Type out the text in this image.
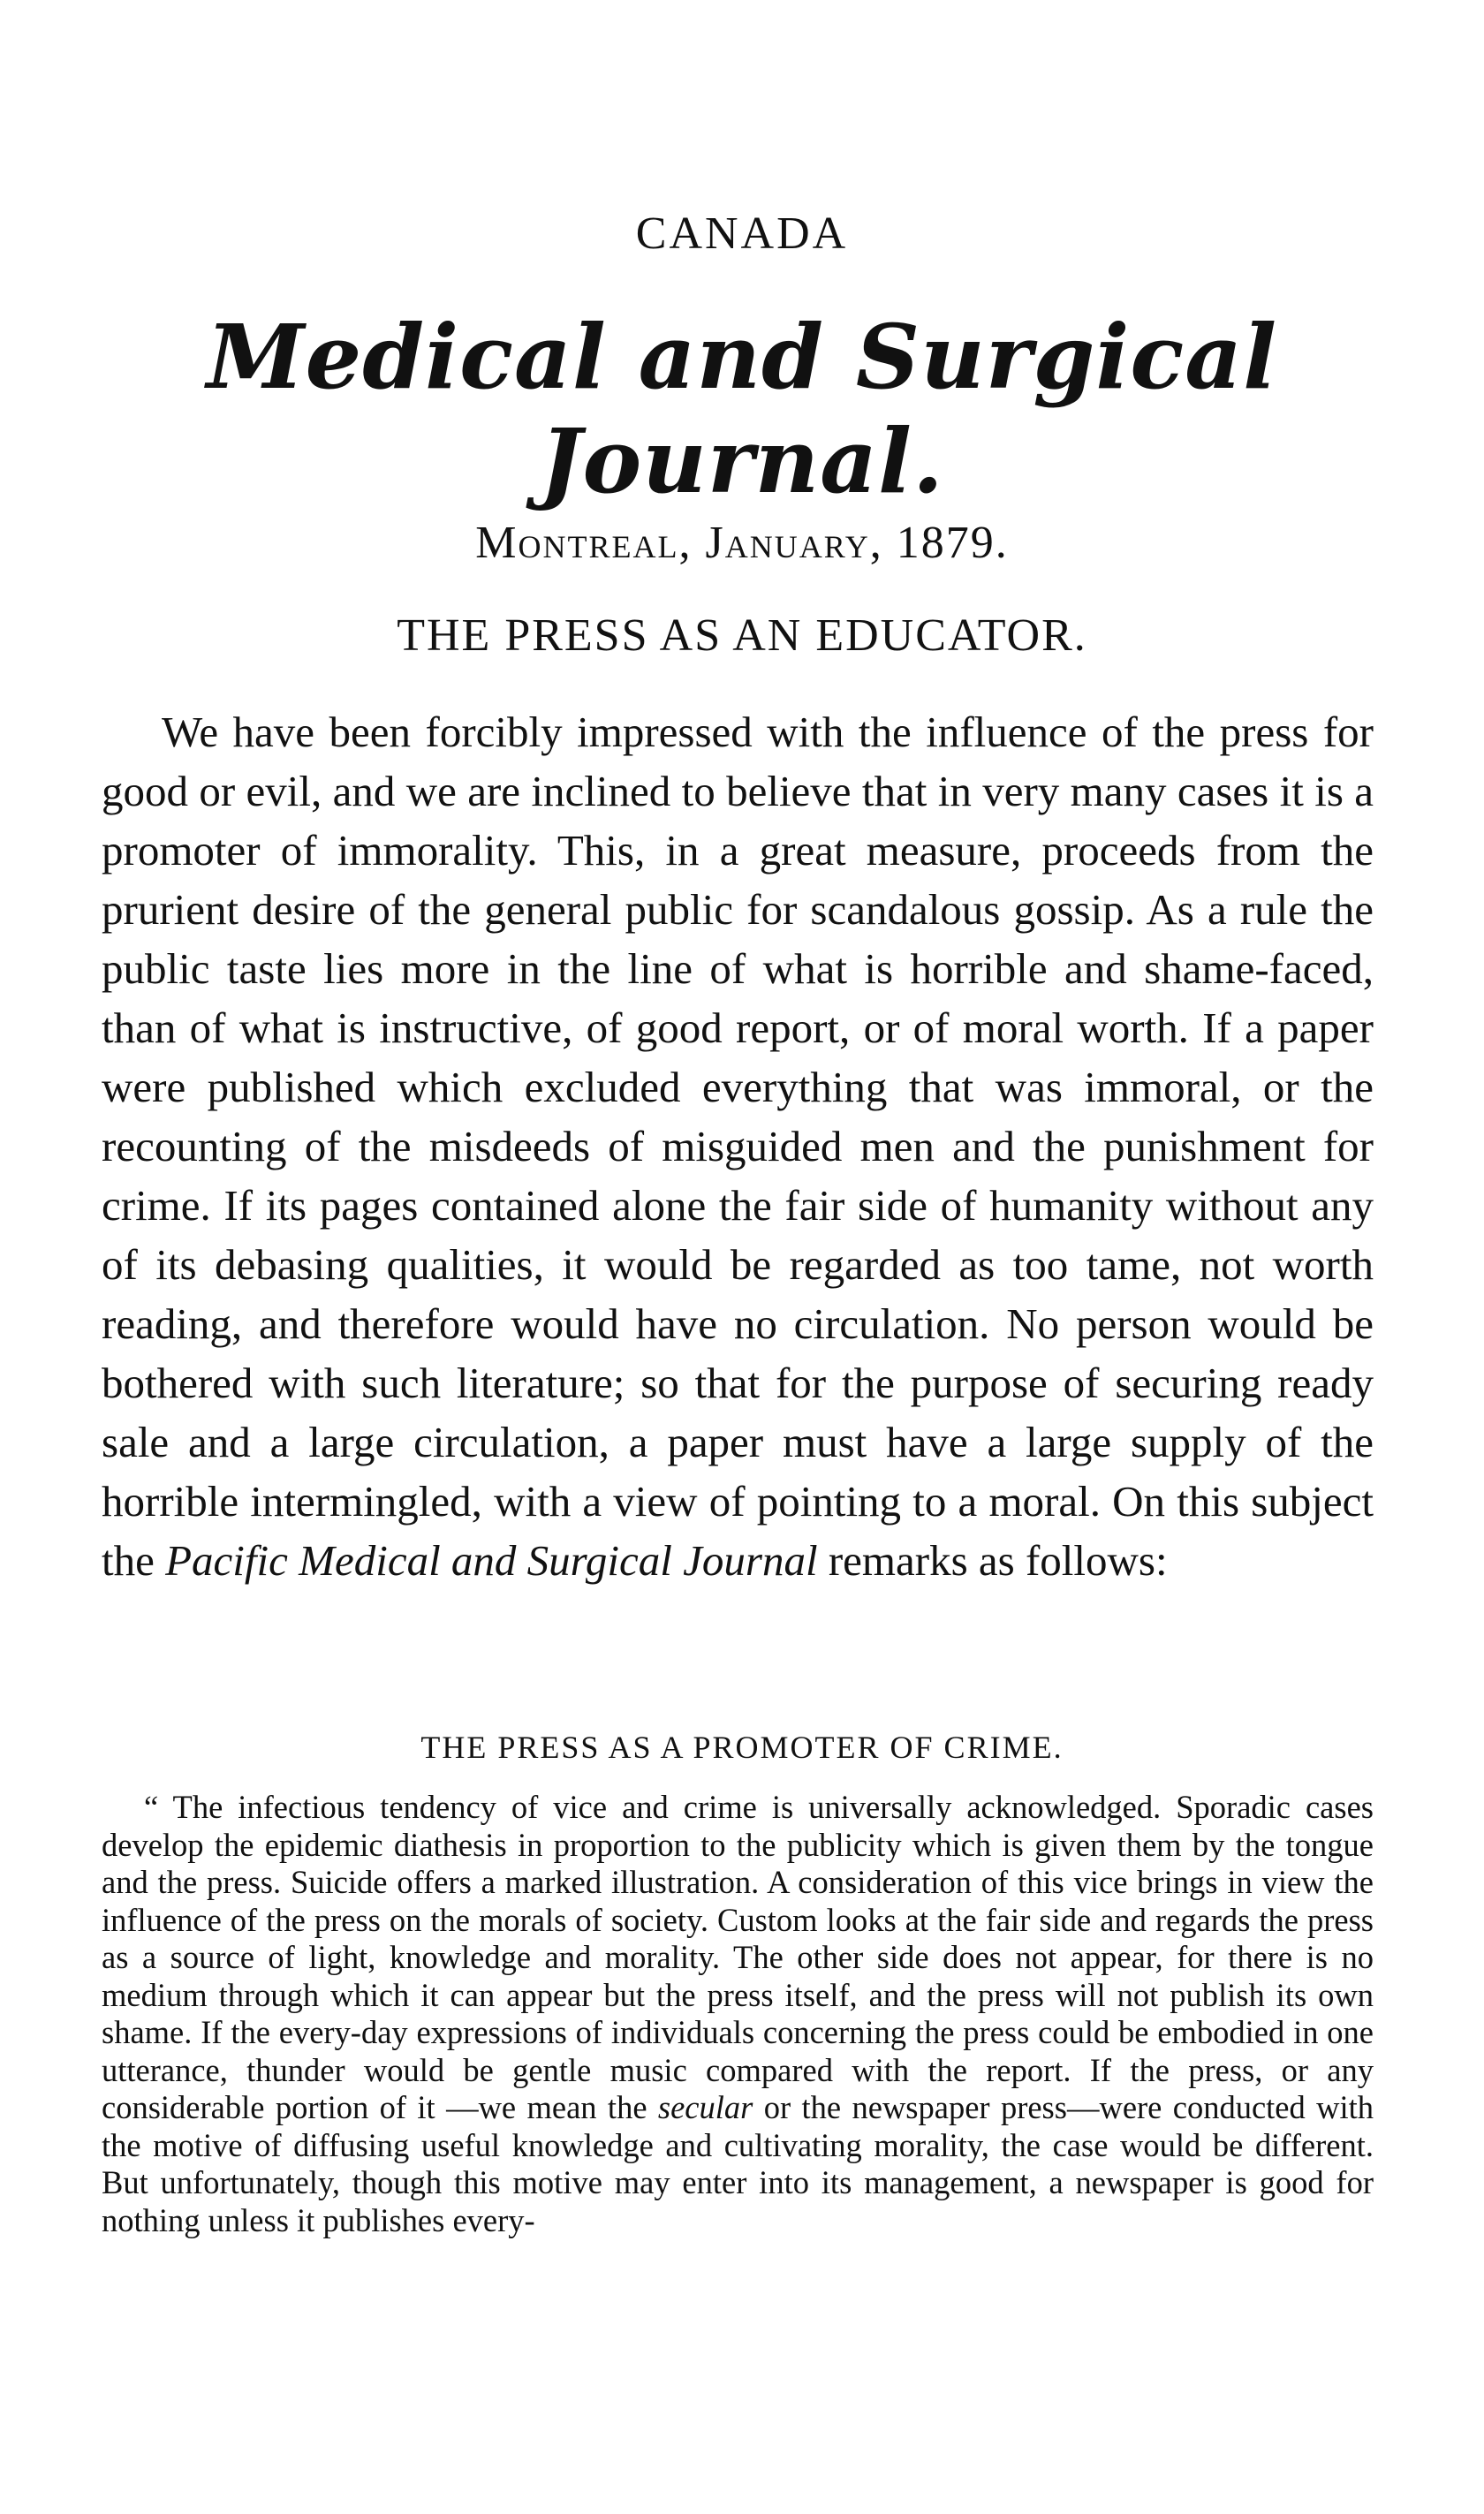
CANADA
Medical and Surgical Journal.
Montreal, January, 1879.
THE PRESS AS AN EDUCATOR.

We have been forcibly impressed with the influence of the press for good or evil, and we are inclined to believe that in very many cases it is a promoter of immorality. This, in a great measure, proceeds from the prurient desire of the general public for scandalous gossip. As a rule the public taste lies more in the line of what is horrible and shame-faced, than of what is instructive, of good report, or of moral worth. If a paper were published which excluded everything that was immoral, or the recounting of the misdeeds of misguided men and the punishment for crime. If its pages contained alone the fair side of humanity without any of its debasing qualities, it would be regarded as too tame, not worth reading, and therefore would have no circulation. No person would be bothered with such literature; so that for the purpose of securing ready sale and a large circulation, a paper must have a large supply of the horrible intermingled, with a view of pointing to a moral. On this subject the Pacific Medical and Surgical Journal remarks as follows:

THE PRESS AS A PROMOTER OF CRIME.

“ The infectious tendency of vice and crime is universally acknowledged. Sporadic cases develop the epidemic diathesis in proportion to the publicity which is given them by the tongue and the press. Suicide offers a marked illustration. A consideration of this vice brings in view the influence of the press on the morals of society. Custom looks at the fair side and regards the press as a source of light, knowledge and morality. The other side does not appear, for there is no medium through which it can appear but the press itself, and the press will not publish its own shame. If the every-day expressions of individuals concerning the press could be embodied in one utterance, thunder would be gentle music compared with the report. If the press, or any considerable portion of it —we mean the secular or the newspaper press—were conducted with the motive of diffusing useful knowledge and cultivating morality, the case would be different. But unfortunately, though this motive may enter into its management, a newspaper is good for nothing unless it publishes every-
